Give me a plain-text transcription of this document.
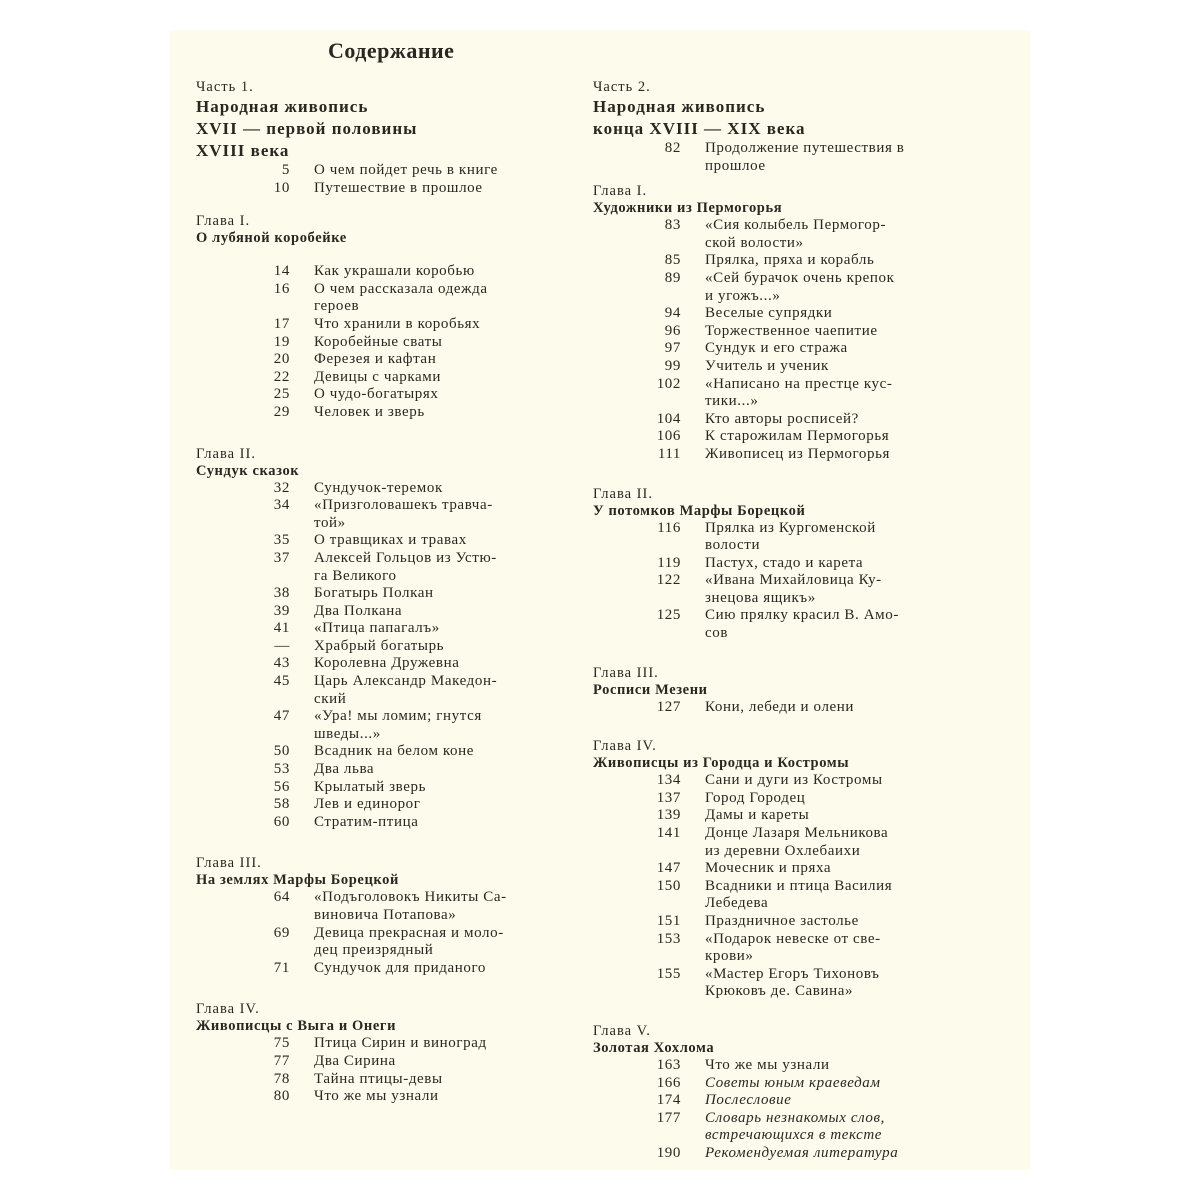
Содержание
Часть 1.
Народная живопись
XVII — первой половины
XVIII века
5	О чем пойдет речь в книге
10	Путешествие в прошлое
Глава I.
О лубяной коробейке
14	Как украшали коробью
16	О чем рассказала одежда
героев
17	Что хранили в коробьях
19	Коробейные сваты
20	Ферезея и кафтан
22	Девицы с чарками
25	О чудо-богатырях
29	Человек и зверь
Глава II.
Сундук сказок
32	Сундучок-теремок
34	«Призголовашекъ травча-
той»
35	О травщиках и травах
37	Алексей Гольцов из Устю-
га Великого
38	Богатырь Полкан
39	Два Полкана
41	«Птица папагалъ»
—	Храбрый богатырь
43	Королевна Дружевна
45	Царь Александр Македон-
ский
47	«Ура! мы ломим; гнутся
шведы...»
50	Всадник на белом коне
53	Два льва
56	Крылатый зверь
58	Лев и единорог
60	Стратим-птица
Глава III.
На землях Марфы Борецкой
64	«Подъголовокъ Никиты Са-
виновича Потапова»
69	Девица прекрасная и моло-
дец преизрядный
71	Сундучок для приданого
Глава IV.
Живописцы с Выга и Онеги
75	Птица Сирин и виноград
77	Два Сирина
78	Тайна птицы-девы
80	Что же мы узнали
Часть 2.
Народная живопись
конца XVIII — XIX века
82	Продолжение путешествия в
прошлое
Глава I.
Художники из Пермогорья
83	«Сия колыбель Пермогор-
ской волости»
85	Прялка, пряха и корабль
89	«Сей бурачок очень крепок
и угожъ...»
94	Веселые супрядки
96	Торжественное чаепитие
97	Сундук и его стража
99	Учитель и ученик
102	«Написано на престце кус-
тики...»
104	Кто авторы росписей?
106	К старожилам Пермогорья
111	Живописец из Пермогорья
Глава II.
У потомков Марфы Борецкой
116	Прялка из Кургоменской
волости
119	Пастух, стадо и карета
122	«Ивана Михайловица Ку-
знецова ящикъ»
125	Сию прялку красил В. Амо-
сов
Глава III.
Росписи Мезени
127	Кони, лебеди и олени
Глава IV.
Живописцы из Городца и Костромы
134	Сани и дуги из Костромы
137	Город Городец
139	Дамы и кареты
141	Донце Лазаря Мельникова
из деревни Охлебаихи
147	Мочесник и пряха
150	Всадники и птица Василия
Лебедева
151	Праздничное застолье
153	«Подарок невеске от све-
крови»
155	«Мастер Егоръ Тихоновъ
Крюковъ де. Савина»
Глава V.
Золотая Хохлома
163	Что же мы узнали
166	Советы юным краеведам
174	Послесловие
177	Словарь незнакомых слов,
встречающихся в тексте
190	Рекомендуемая литература
